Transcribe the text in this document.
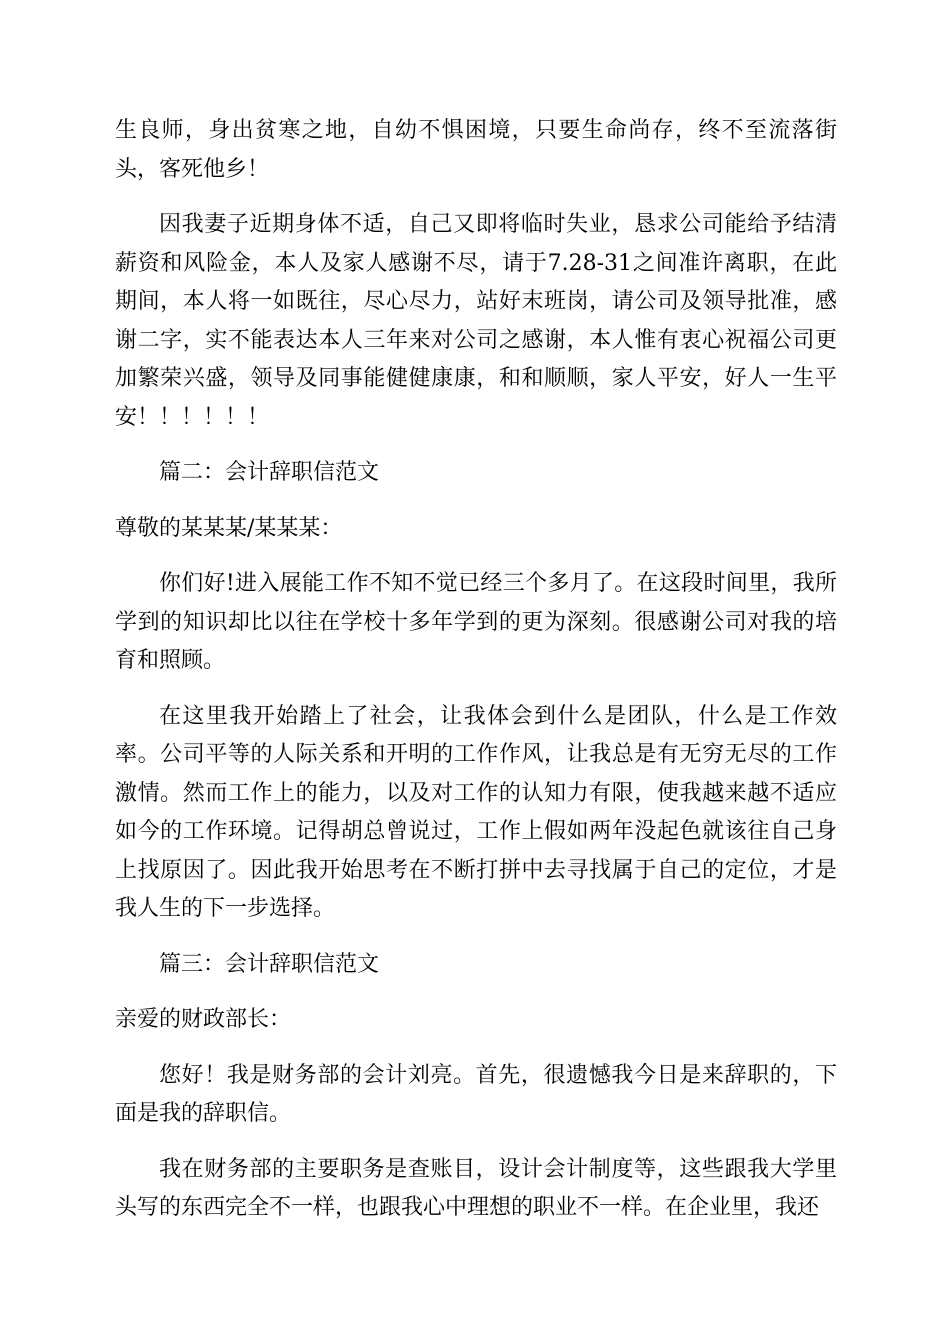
生良师，身出贫寒之地，自幼不惧困境，只要生命尚存，终不至流落街头，客死他乡！

因我妻子近期身体不适，自己又即将临时失业，恳求公司能给予结清薪资和风险金，本人及家人感谢不尽，请于7.28-31之间准许离职，在此期间，本人将一如既往，尽心尽力，站好末班岗，请公司及领导批准，感谢二字，实不能表达本人三年来对公司之感谢，本人惟有衷心祝福公司更加繁荣兴盛，领导及同事能健健康康，和和顺顺，家人平安，好人一生平安！！！！！！

篇二：会计辞职信范文

尊敬的某某某/某某某：

你们好!进入展能工作不知不觉已经三个多月了。在这段时间里，我所学到的知识却比以往在学校十多年学到的更为深刻。很感谢公司对我的培育和照顾。

在这里我开始踏上了社会，让我体会到什么是团队，什么是工作效率。公司平等的人际关系和开明的工作作风，让我总是有无穷无尽的工作激情。然而工作上的能力，以及对工作的认知力有限，使我越来越不适应如今的工作环境。记得胡总曾说过，工作上假如两年没起色就该往自己身上找原因了。因此我开始思考在不断打拼中去寻找属于自己的定位，才是我人生的下一步选择。

篇三：会计辞职信范文

亲爱的财政部长：

您好！我是财务部的会计刘亮。首先，很遗憾我今日是来辞职的，下面是我的辞职信。

我在财务部的主要职务是查账目，设计会计制度等，这些跟我大学里头写的东西完全不一样，也跟我心中理想的职业不一样。在企业里，我还
